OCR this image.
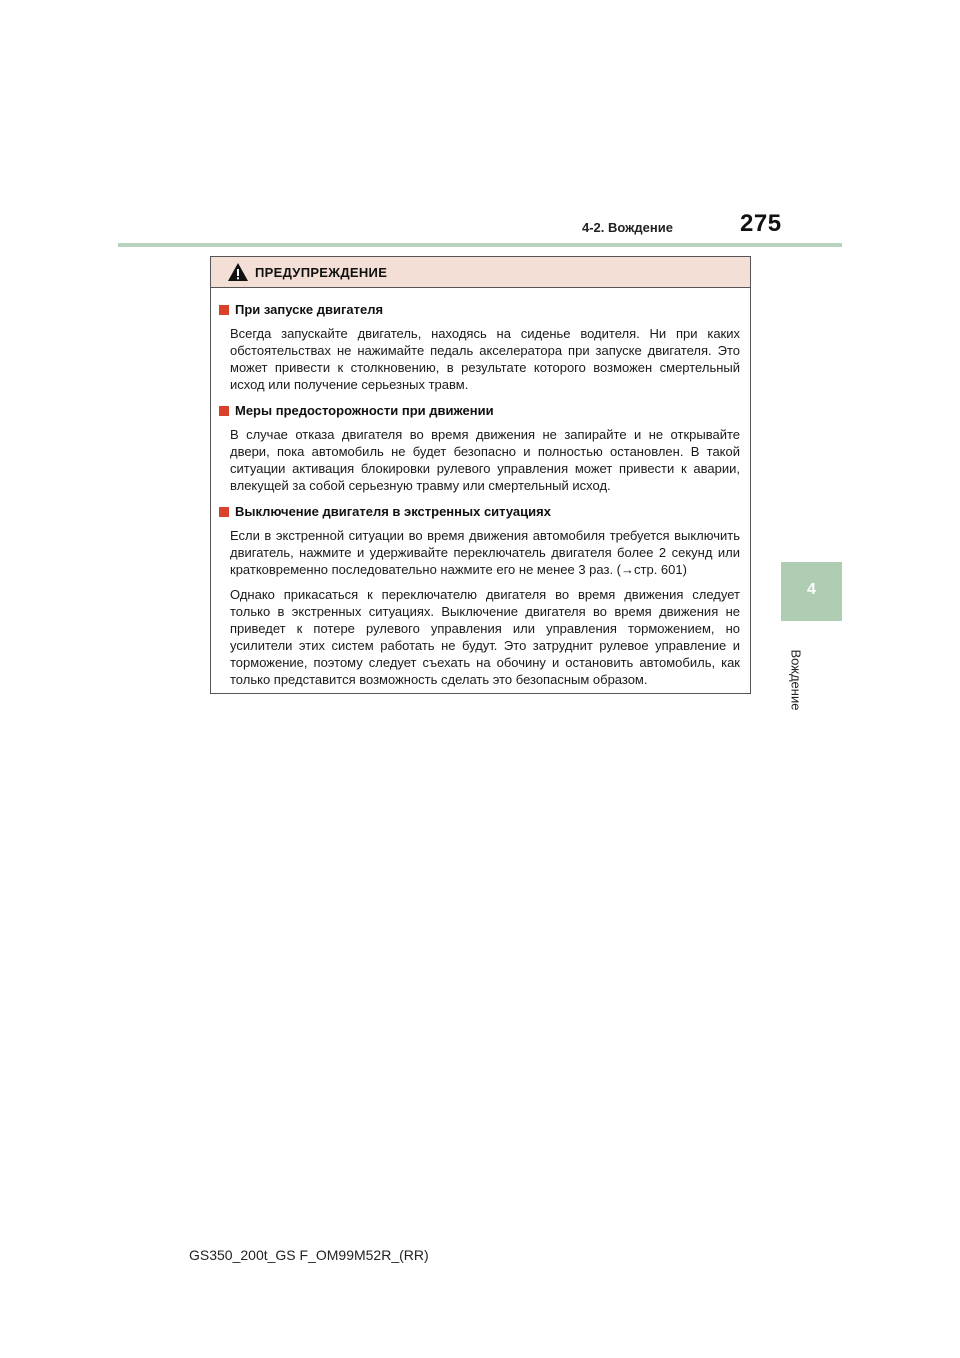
4-2. Вождение	275
4
Вождение
ПРЕДУПРЕЖДЕНИЕ
При запуске двигателя

Всегда запускайте двигатель, находясь на сиденье водителя. Ни при каких обстоятельствах не нажимайте педаль акселератора при запуске двигателя. Это может привести к столкновению, в результате которого возможен смертельный исход или получение серьезных травм.

Меры предосторожности при движении

В случае отказа двигателя во время движения не запирайте и не открывайте двери, пока автомобиль не будет безопасно и полностью остановлен. В такой ситуации активация блокировки рулевого управления может привести к аварии, влекущей за собой серьезную травму или смертельный исход.

Выключение двигателя в экстренных ситуациях

Если в экстренной ситуации во время движения автомобиля требуется выключить двигатель, нажмите и удерживайте переключатель двигателя более 2 секунд или кратковременно последовательно нажмите его не менее 3 раз. (→стр. 601)

Однако прикасаться к переключателю двигателя во время движения следует только в экстренных ситуациях. Выключение двигателя во время движения не приведет к потере рулевого управления или управления торможением, но усилители этих систем работать не будут. Это затруднит рулевое управление и торможение, поэтому следует съехать на обочину и остановить автомобиль, как только представится возможность сделать это безопасным образом.

GS350_200t_GS F_OM99M52R_(RR)
